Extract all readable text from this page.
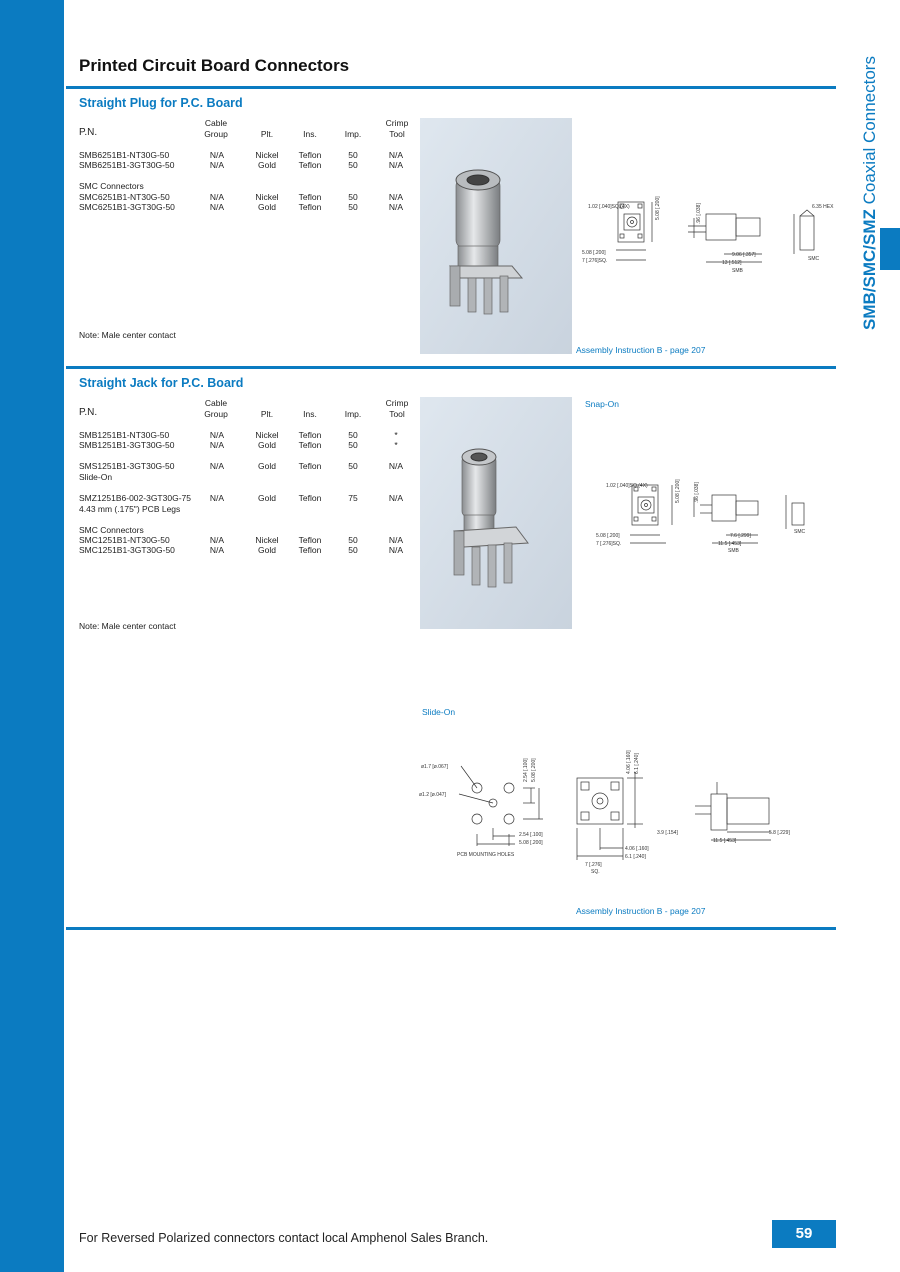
SMB/SMC/SMZ Coaxial Connectors
Printed Circuit Board Connectors
Straight Plug for P.C. Board
Cable	Crimp
P.N.	Group	Plt.	Ins.	Imp.	Tool
SMB6251B1-NT30G-50	N/A	Nickel	Teflon	50	N/A
SMB6251B1-3GT30G-50	N/A	Gold	Teflon	50	N/A
SMC Connectors
SMC6251B1-NT30G-50	N/A	Nickel	Teflon	50	N/A
SMC6251B1-3GT30G-50	N/A	Gold	Teflon	50	N/A	1.02 [.040]SQ.(4X)	5.08 [.200]
5.08 [.200]
7 [.276]SQ.
.96 [.038]
9.06 [.357]
13 [.512]
SMB
6.35 HEX
SMC
Note: Male center contact
Assembly Instruction B - page 207
Straight Jack for P.C. Board
Cable	Crimp
P.N.	Group	Plt.	Ins.	Imp.	Tool
SMB1251B1-NT30G-50	N/A	Nickel	Teflon	50	*
SMB1251B1-3GT30G-50	N/A	Gold	Teflon	50	*
SMS1251B1-3GT30G-50	N/A	Gold	Teflon	50	N/A
Slide-On
SMZ1251B6-002-3GT30G-75	N/A	Gold	Teflon	75	N/A
4.43 mm (.175") PCB Legs
SMC Connectors
SMC1251B1-NT30G-50	N/A	Nickel	Teflon	50	N/A
SMC1251B1-3GT30G-50	N/A	Gold	Teflon	50	N/A
Snap-On
1.02 [.040]SQ.(4X)	5.08 [.200]
5.08 [.200]
7 [.276]SQ.
.96 [.038]
7.6 [.299]
11.5 [.453]
SMB
SMC
Note: Male center contact
Slide-On
ø1.7 [ø.067]
ø1.2 [ø.047]
2.54 [.100] 5.08 [.200]
2.54 [.100]
5.08 [.200]
PCB MOUNTING HOLES
4.06 [.160] 6.1 [.240]
4.06 [.160]
6.1 [.240]
7 [.276]
SQ.
3.9 [.154]
11.5 [.453]
5.8 [.229]
Assembly Instruction B - page 207
For Reversed Polarized connectors contact local Amphenol Sales Branch.	59
